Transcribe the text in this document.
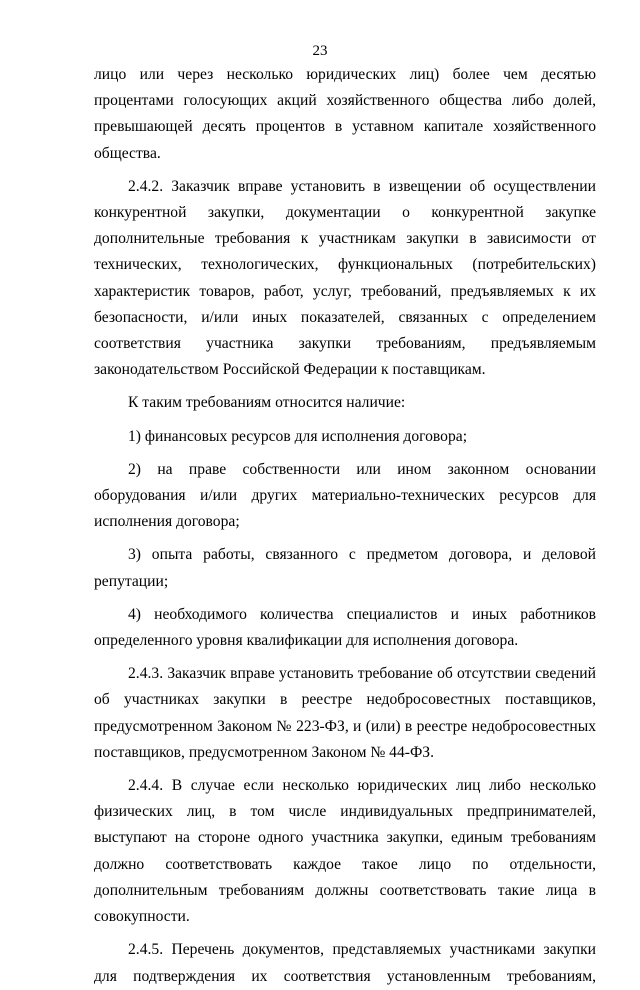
23

лицо или через несколько юридических лиц) более чем десятью процентами голосующих акций хозяйственного общества либо долей, превышающей десять процентов в уставном капитале хозяйственного общества.

2.4.2. Заказчик вправе установить в извещении об осуществлении конкурентной закупки, документации о конкурентной закупке дополнительные требования к участникам закупки в зависимости от технических, технологических, функциональных (потребительских) характеристик товаров, работ, услуг, требований, предъявляемых к их безопасности, и/или иных показателей, связанных с определением соответствия участника закупки требованиям, предъявляемым законодательством Российской Федерации к поставщикам.

К таким требованиям относится наличие:

1) финансовых ресурсов для исполнения договора;

2) на праве собственности или ином законном основании оборудования и/или других материально-технических ресурсов для исполнения договора;

3) опыта работы, связанного с предметом договора, и деловой репутации;

4) необходимого количества специалистов и иных работников определенного уровня квалификации для исполнения договора.

2.4.3. Заказчик вправе установить требование об отсутствии сведений об участниках закупки в реестре недобросовестных поставщиков, предусмотренном Законом № 223-ФЗ, и (или) в реестре недобросовестных поставщиков, предусмотренном Законом № 44-ФЗ.

2.4.4. В случае если несколько юридических лиц либо несколько физических лиц, в том числе индивидуальных предпринимателей, выступают на стороне одного участника закупки, единым требованиям должно соответствовать каждое такое лицо по отдельности, дополнительным требованиям должны соответствовать такие лица в совокупности.

2.4.5. Перечень документов, представляемых участниками закупки для подтверждения их соответствия установленным требованиям,
